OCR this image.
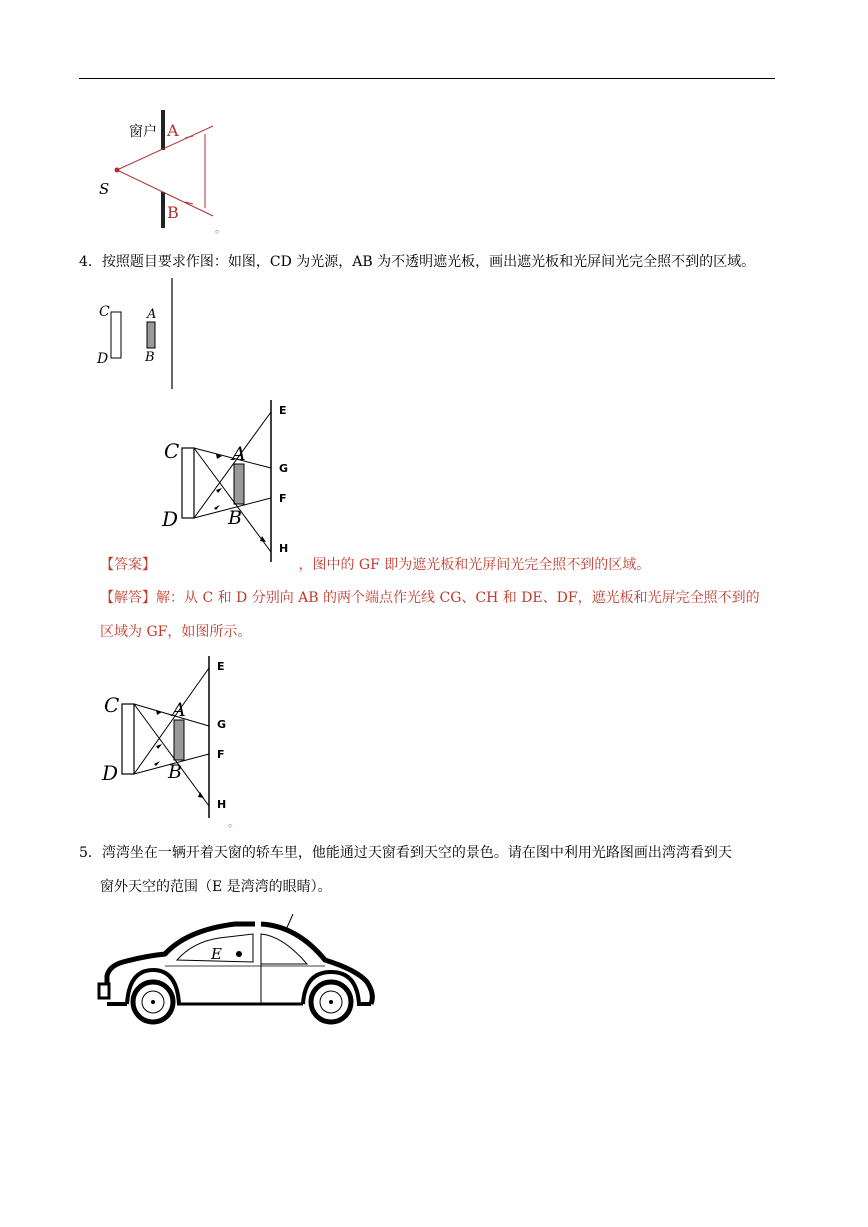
窗户 A
B
S
。
4．按照题目要求作图：如图，CD 为光源，AB 为不透明遮光板，画出遮光板和光屏间光完全照不到的区域。
C
D
A
B
C
D
A
B
E
G
F
H
【答案】	，图中的 GF 即为遮光板和光屏间光完全照不到的区域。
【解答】解：从 C 和 D 分别向 AB 的两个端点作光线 CG、CH 和 DE、DF，遮光板和光屏完全照不到的
区域为 GF，如图所示。
C
D
A
B
E
G
F
H
。
5．湾湾坐在一辆开着天窗的轿车里，他能通过天窗看到天空的景色。请在图中利用光路图画出湾湾看到天
窗外天空的范围（E 是湾湾的眼睛）。
E
